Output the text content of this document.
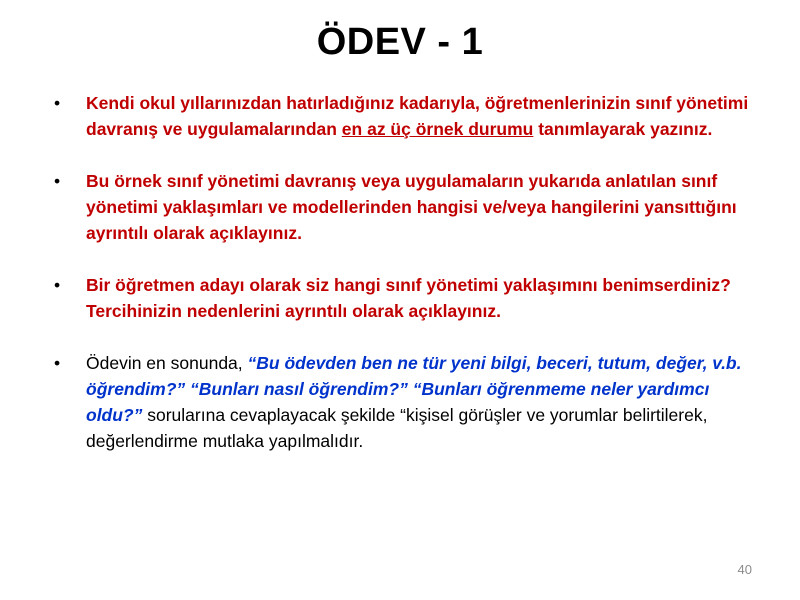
ÖDEV - 1
• Kendi okul yıllarınızdan hatırladığınız kadarıyla, öğretmenlerinizin sınıf yönetimi davranış ve uygulamalarından en az üç örnek durumu tanımlayarak yazınız.
• Bu örnek sınıf yönetimi davranış veya uygulamaların yukarıda anlatılan sınıf yönetimi yaklaşımları ve modellerinden hangisi ve/veya hangilerini yansıttığını ayrıntılı olarak açıklayınız.
• Bir öğretmen adayı olarak siz hangi sınıf yönetimi yaklaşımını benimserdiniz? Tercihinizin nedenlerini ayrıntılı olarak açıklayınız.
• Ödevin en sonunda, “Bu ödevden ben ne tür yeni bilgi, beceri, tutum, değer, v.b. öğrendim?” “Bunları nasıl öğrendim?” “Bunları öğrenmeme neler yardımcı oldu?” sorularına cevaplayacak şekilde “kişisel görüşler ve yorumlar belirtilerek, değerlendirme mutlaka yapılmalıdır.
40
